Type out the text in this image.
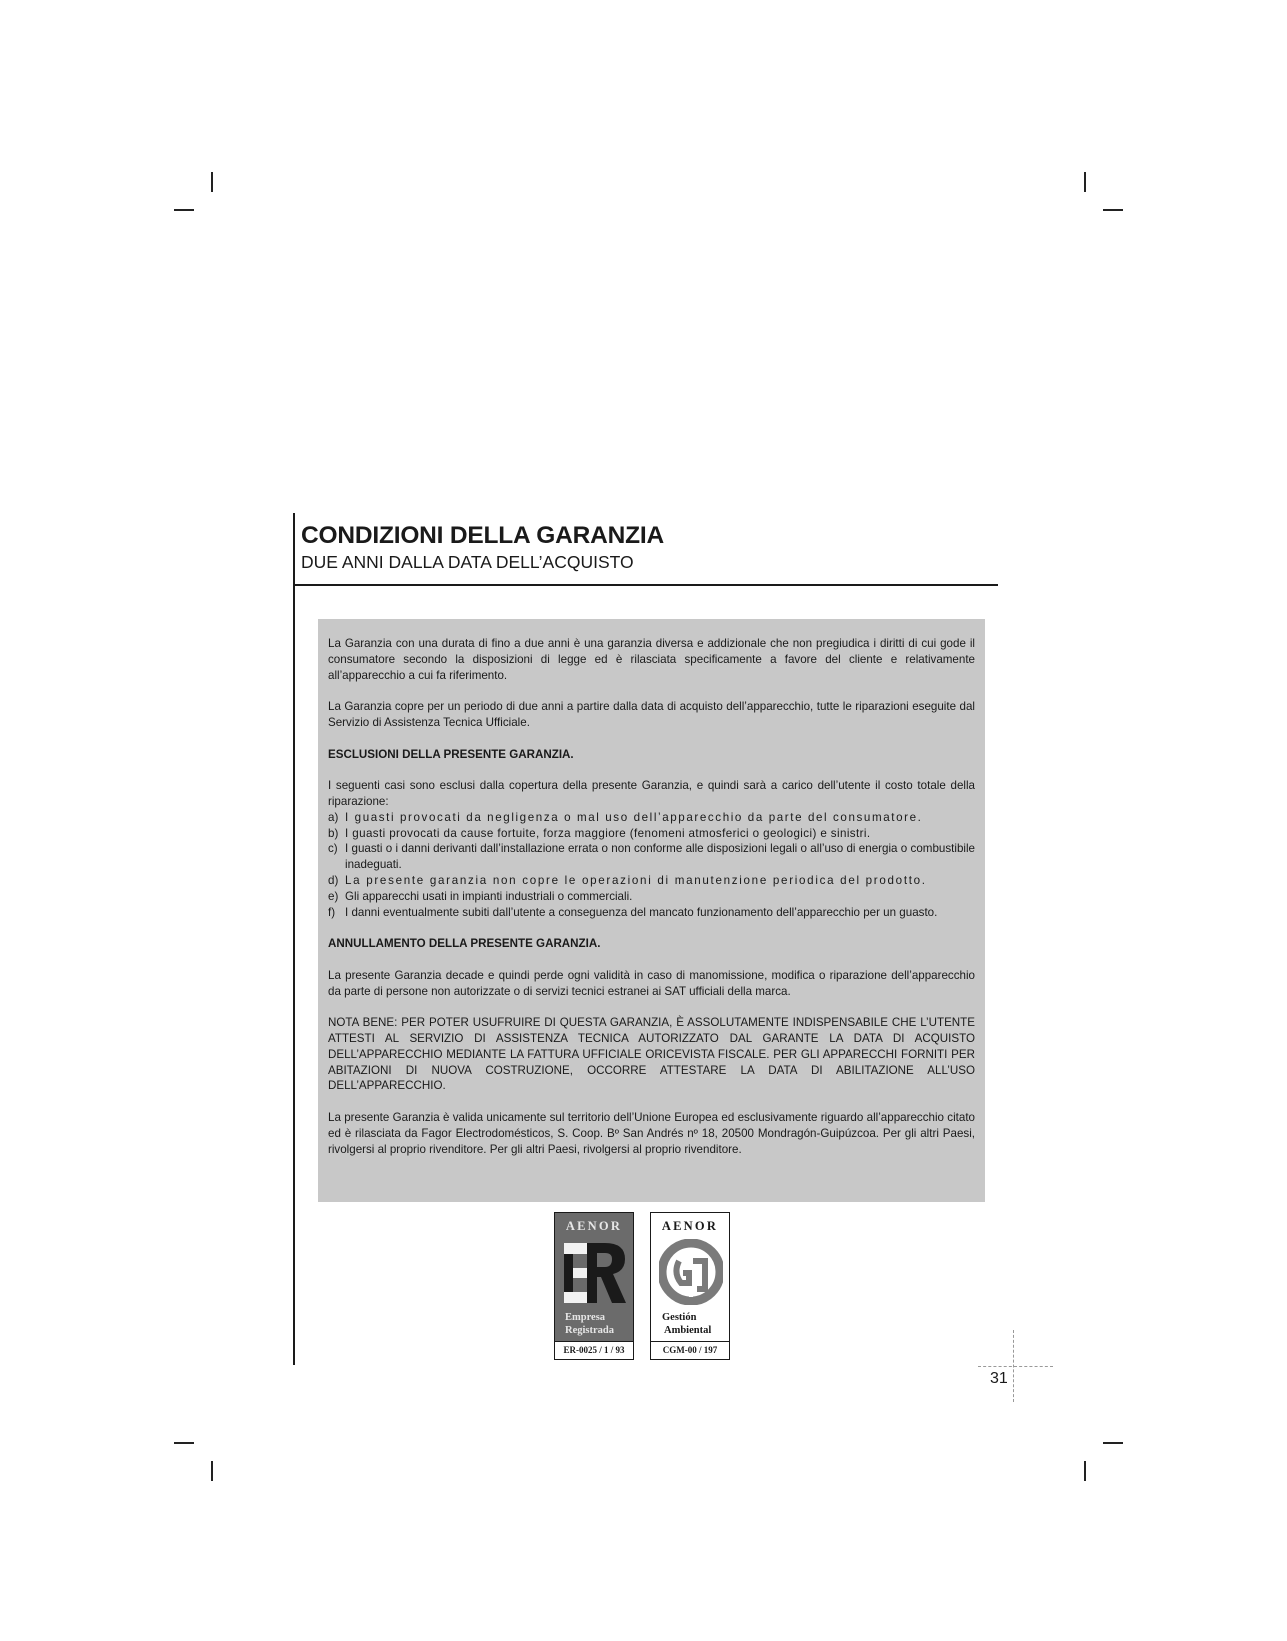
CONDIZIONI DELLA GARANZIA

DUE ANNI DALLA DATA DELL’ACQUISTO

La Garanzia con una durata di fino a due anni è una garanzia diversa e addizionale che non pregiudica i diritti di cui gode il consumatore secondo la disposizioni di legge ed è rilasciata specificamente a favore del cliente e relativamente all’apparecchio a cui fa riferimento.

La Garanzia copre per un periodo di due anni a partire dalla data di acquisto dell’apparecchio, tutte le riparazioni eseguite dal Servizio di Assistenza Tecnica Ufficiale.

ESCLUSIONI DELLA PRESENTE GARANZIA.

I seguenti casi sono esclusi dalla copertura della presente Garanzia, e quindi sarà a carico dell’utente il costo totale della riparazione:
a) I guasti provocati da negligenza o mal uso dell’apparecchio da parte del consumatore.
b) I guasti provocati da cause fortuite, forza maggiore (fenomeni atmosferici o geologici) e sinistri.
c) I guasti o i danni derivanti dall’installazione errata o non conforme alle disposizioni legali o all’uso di energia o combustibile inadeguati.
d) La presente garanzia non copre le operazioni di manutenzione periodica del prodotto.
e) Gli apparecchi usati in impianti industriali o commerciali.
f) I danni eventualmente subiti dall’utente a conseguenza del mancato funzionamento dell’apparecchio per un guasto.

ANNULLAMENTO DELLA PRESENTE GARANZIA.

La presente Garanzia decade e quindi perde ogni validità in caso di manomissione, modifica o riparazione dell’apparecchio da parte di persone non autorizzate o di servizi tecnici estranei ai SAT ufficiali della marca.

NOTA BENE: PER POTER USUFRUIRE DI QUESTA GARANZIA, È ASSOLUTAMENTE INDISPENSABILE CHE L’UTENTE ATTESTI AL SERVIZIO DI ASSISTENZA TECNICA AUTORIZZATO DAL GARANTE LA DATA DI ACQUISTO DELL’APPARECCHIO MEDIANTE LA FATTURA UFFICIALE ORICEVISTA FISCALE. PER GLI APPARECCHI FORNITI PER ABITAZIONI DI NUOVA COSTRUZIONE, OCCORRE ATTESTARE LA DATA DI ABILITAZIONE ALL’USO DELL’APPARECCHIO.

La presente Garanzia è valida unicamente sul territorio dell’Unione Europea ed esclusivamente riguardo all’apparecchio citato ed è rilasciata da Fagor Electrodomésticos, S. Coop. Bº San Andrés nº 18, 20500 Mondragón-Guipúzcoa. Per gli altri Paesi, rivolgersi al proprio rivenditore. Per gli altri Paesi, rivolgersi al proprio rivenditore.

AENOR
Empresa
Registrada
ER-0025 / 1 / 93
AENOR
Gestión
Ambiental
CGM-00 / 197
31
